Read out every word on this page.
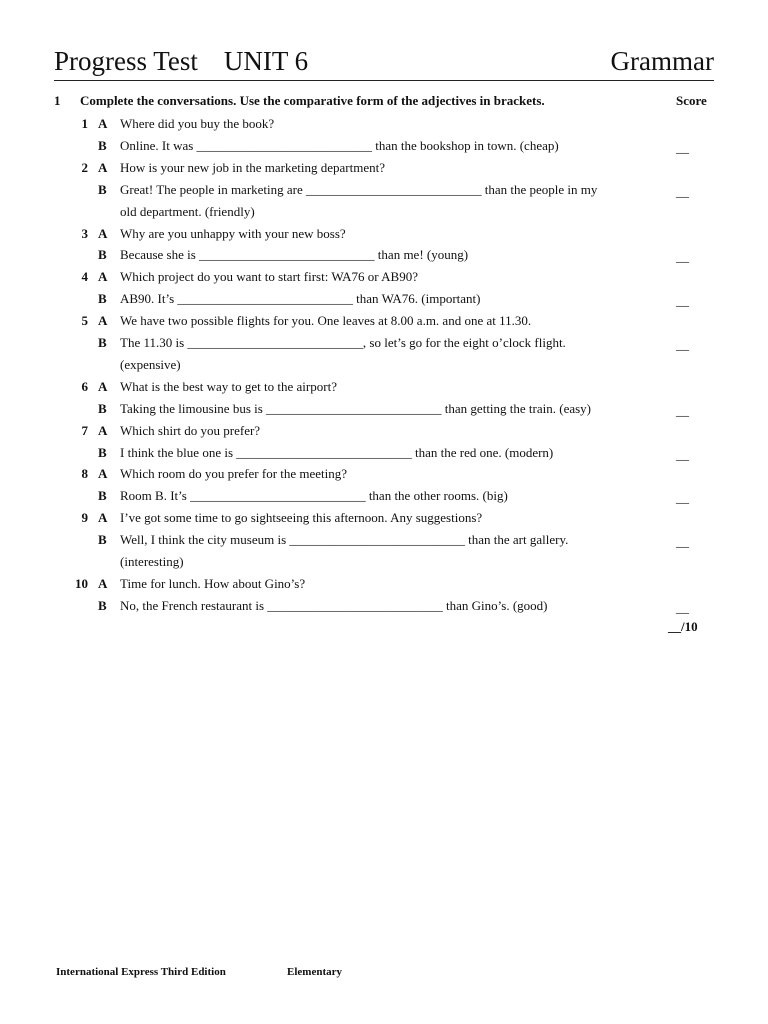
Progress Test UNIT 6	Grammar
1 Complete the conversations. Use the comparative form of the adjectives in brackets.	Score
1 A Where did you buy the book?
B Online. It was ___________________________ than the bookshop in town. (cheap)	__
2 A How is your new job in the marketing department?
B Great! The people in marketing are ___________________________ than the people in my	__
old department. (friendly)
3 A Why are you unhappy with your new boss?
B Because she is ___________________________ than me! (young)	__
4 A Which project do you want to start first: WA76 or AB90?
B AB90. It’s ___________________________ than WA76. (important)	__
5 A We have two possible flights for you. One leaves at 8.00 a.m. and one at 11.30.
B The 11.30 is ___________________________, so let’s go for the eight o’clock flight.	__
(expensive)
6 A What is the best way to get to the airport?
B Taking the limousine bus is ___________________________ than getting the train. (easy)	__
7 A Which shirt do you prefer?
B I think the blue one is ___________________________ than the red one. (modern)	__
8 A Which room do you prefer for the meeting?
B Room B. It’s ___________________________ than the other rooms. (big)	__
9 A I’ve got some time to go sightseeing this afternoon. Any suggestions?
B Well, I think the city museum is ___________________________ than the art gallery.	__
(interesting)
10 A Time for lunch. How about Gino’s?
B No, the French restaurant is ___________________________ than Gino’s. (good)	__
__/10
International Express Third Edition	Elementary
